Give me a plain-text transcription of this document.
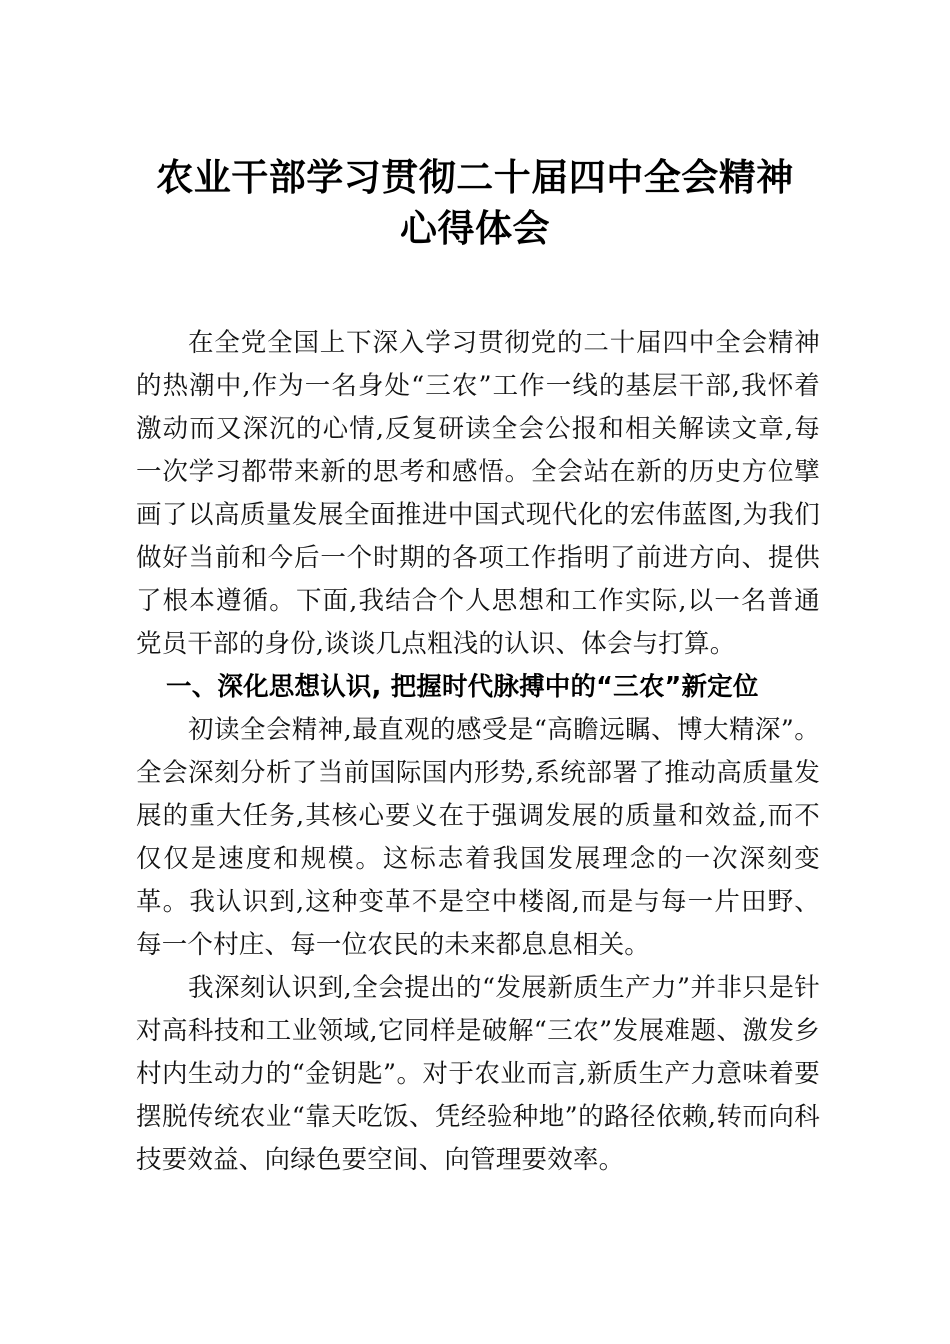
农业干部学习贯彻二十届四中全会精神心得体会

在全党全国上下深入学习贯彻党的二十届四中全会精神的热潮中,作为一名身处“三农”工作一线的基层干部,我怀着激动而又深沉的心情,反复研读全会公报和相关解读文章,每一次学习都带来新的思考和感悟。全会站在新的历史方位擘画了以高质量发展全面推进中国式现代化的宏伟蓝图,为我们做好当前和今后一个时期的各项工作指明了前进方向、提供了根本遵循。下面,我结合个人思想和工作实际,以一名普通党员干部的身份,谈谈几点粗浅的认识、体会与打算。

一、深化思想认识, 把握时代脉搏中的“三农”新定位

初读全会精神,最直观的感受是“高瞻远瞩、博大精深”。全会深刻分析了当前国际国内形势,系统部署了推动高质量发展的重大任务,其核心要义在于强调发展的质量和效益,而不仅仅是速度和规模。这标志着我国发展理念的一次深刻变革。我认识到,这种变革不是空中楼阁,而是与每一片田野、每一个村庄、每一位农民的未来都息息相关。

我深刻认识到,全会提出的“发展新质生产力”并非只是针对高科技和工业领域,它同样是破解“三农”发展难题、激发乡村内生动力的“金钥匙”。对于农业而言,新质生产力意味着要摆脱传统农业“靠天吃饭、凭经验种地”的路径依赖,转而向科技要效益、向绿色要空间、向管理要效率。
